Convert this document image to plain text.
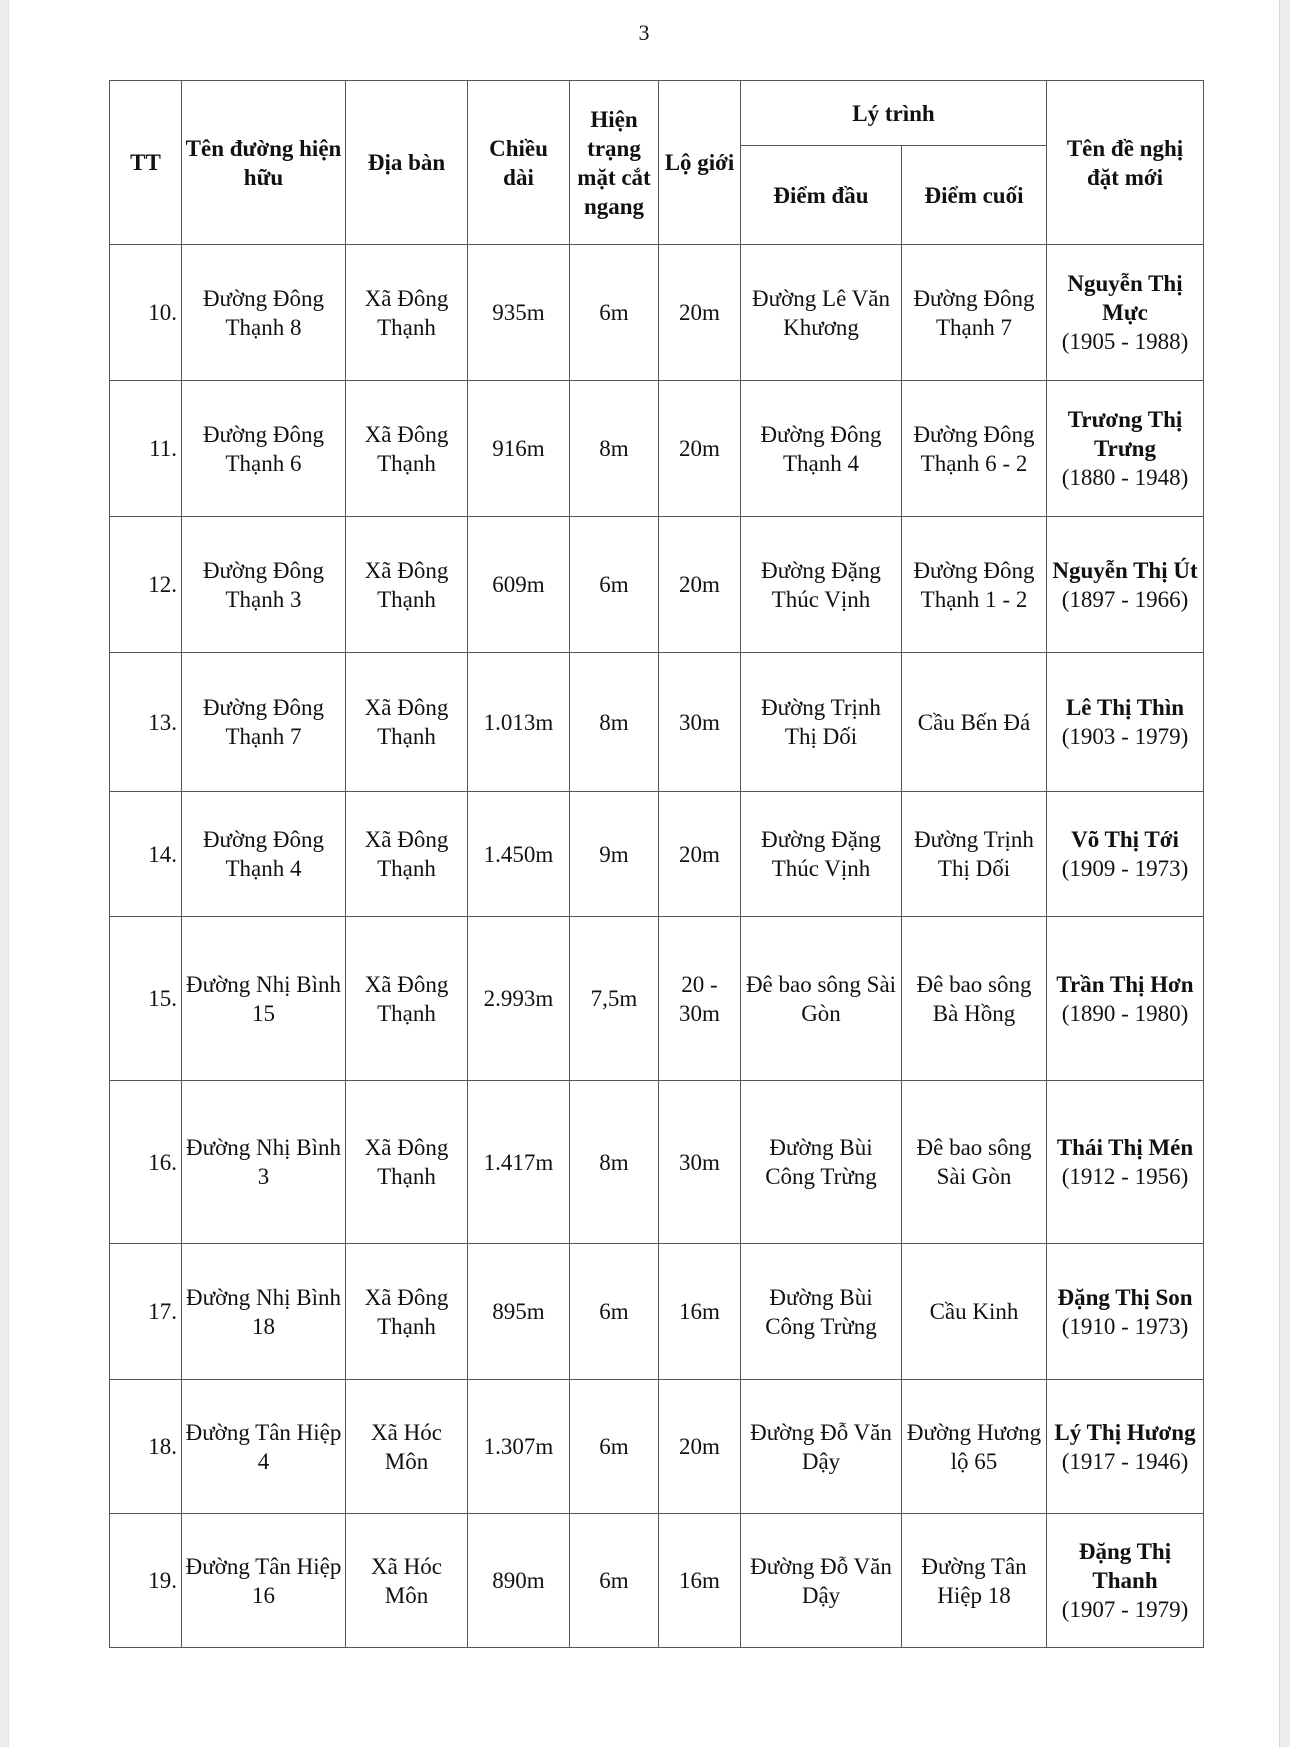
3
TT	Tên đường hiện hữu	Địa bàn	Chiều dài	Hiện trạng mặt cắt ngang	Lộ giới	Lý trình		Tên đề nghị đặt mới
						Điểm đầu	Điểm cuối	
10.	Đường Đông Thạnh 8	Xã Đông Thạnh	935m	6m	20m	Đường Lê Văn Khương	Đường Đông Thạnh 7	Nguyễn Thị Mực
(1905 - 1988)

11.	Đường Đông Thạnh 6	Xã Đông Thạnh	916m	8m	20m	Đường Đông Thạnh 4	Đường Đông Thạnh 6 - 2	Trương Thị Trưng
(1880 - 1948)

12.	Đường Đông Thạnh 3	Xã Đông Thạnh	609m	6m	20m	Đường Đặng Thúc Vịnh	Đường Đông Thạnh 1 - 2	Nguyễn Thị Út
(1897 - 1966)

13.	Đường Đông Thạnh 7	Xã Đông Thạnh	1.013m	8m	30m	Đường Trịnh Thị Dối	Cầu Bến Đá	Lê Thị Thìn
(1903 - 1979)

14.	Đường Đông Thạnh 4	Xã Đông Thạnh	1.450m	9m	20m	Đường Đặng Thúc Vịnh	Đường Trịnh Thị Dối	Võ Thị Tới
(1909 - 1973)

15.	Đường Nhị Bình 15	Xã Đông Thạnh	2.993m	7,5m	20 - 30m	Đê bao sông Sài Gòn	Đê bao sông Bà Hồng	Trần Thị Hơn
(1890 - 1980)

16.	Đường Nhị Bình 3	Xã Đông Thạnh	1.417m	8m	30m	Đường Bùi Công Trừng	Đê bao sông Sài Gòn	Thái Thị Mén
(1912 - 1956)

17.	Đường Nhị Bình 18	Xã Đông Thạnh	895m	6m	16m	Đường Bùi Công Trừng	Cầu Kinh	Đặng Thị Son
(1910 - 1973)

18.	Đường Tân Hiệp 4	Xã Hóc Môn	1.307m	6m	20m	Đường Đỗ Văn Dậy	Đường Hương lộ 65	Lý Thị Hương
(1917 - 1946)

19.	Đường Tân Hiệp 16	Xã Hóc Môn	890m	6m	16m	Đường Đỗ Văn Dậy	Đường Tân Hiệp 18	Đặng Thị Thanh
(1907 - 1979)
